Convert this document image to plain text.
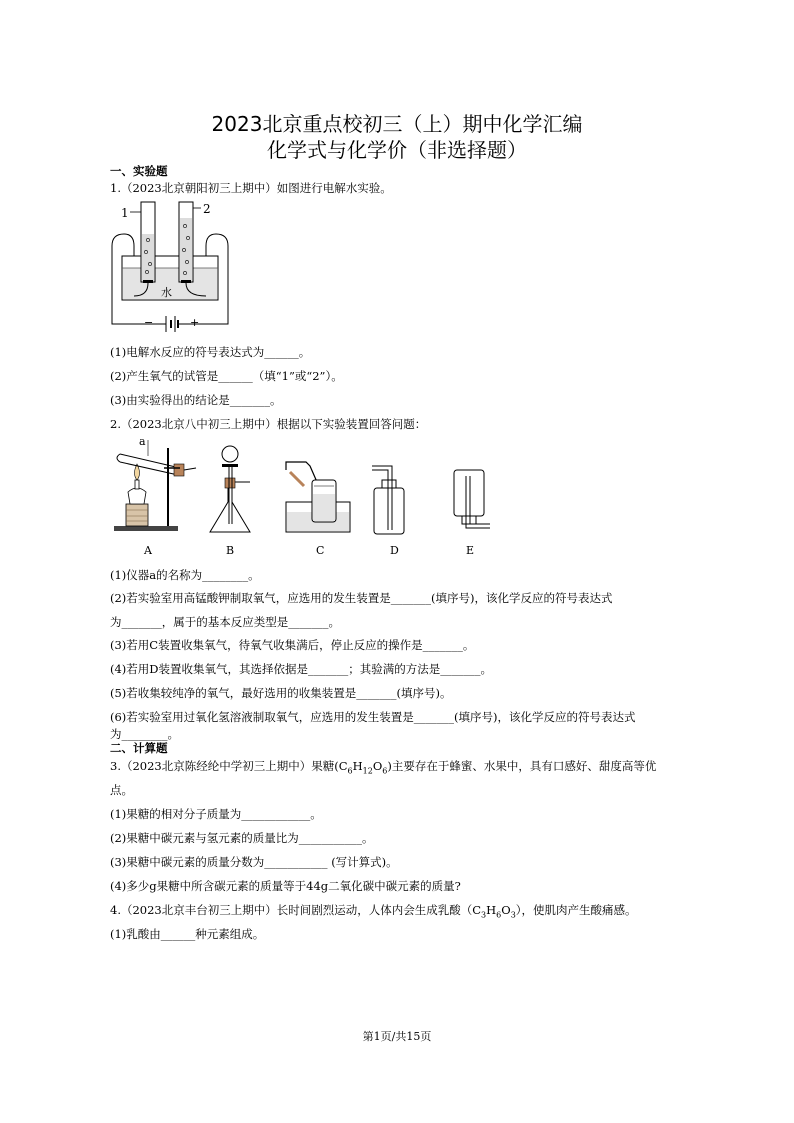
2023北京重点校初三（上）期中化学汇编
化学式与化学价（非选择题）
一、实验题
1.（2023北京朝阳初三上期中）如图进行电解水实验。
1	2
水
−	+
(1)电解水反应的符号表达式为______。
(2)产生氧气的试管是______（填“1”或“2”）。
(3)由实验得出的结论是_______。
2.（2023北京八中初三上期中）根据以下实验装置回答问题：
a
A	B	C	D	E
(1)仪器a的名称为________。
(2)若实验室用高锰酸钾制取氧气，应选用的发生装置是_______(填序号)，该化学反应的符号表达式
为_______，属于的基本反应类型是_______。
(3)若用C装置收集氧气，待氧气收集满后，停止反应的操作是_______。
(4)若用D装置收集氧气，其选择依据是_______；其验满的方法是_______。
(5)若收集较纯净的氧气，最好选用的收集装置是_______(填序号)。
(6)若实验室用过氧化氢溶液制取氧气，应选用的发生装置是_______(填序号)，该化学反应的符号表达式
为________。
二、计算题
3.（2023北京陈经纶中学初三上期中）果糖$(C_6H_{12}O_6)$主要存在于蜂蜜、水果中，具有口感好、甜度高等优
点。
(1)果糖的相对分子质量为____________。
(2)果糖中碳元素与氢元素的质量比为___________。
(3)果糖中碳元素的质量分数为___________ (写计算式)。
(4)多少g果糖中所含碳元素的质量等于44g二氧化碳中碳元素的质量?
4.（2023北京丰台初三上期中）长时间剧烈运动，人体内会生成乳酸$(C_3H_6O_3)$，使肌肉产生酸痛感。
(1)乳酸由______种元素组成。
第1页/共15页
